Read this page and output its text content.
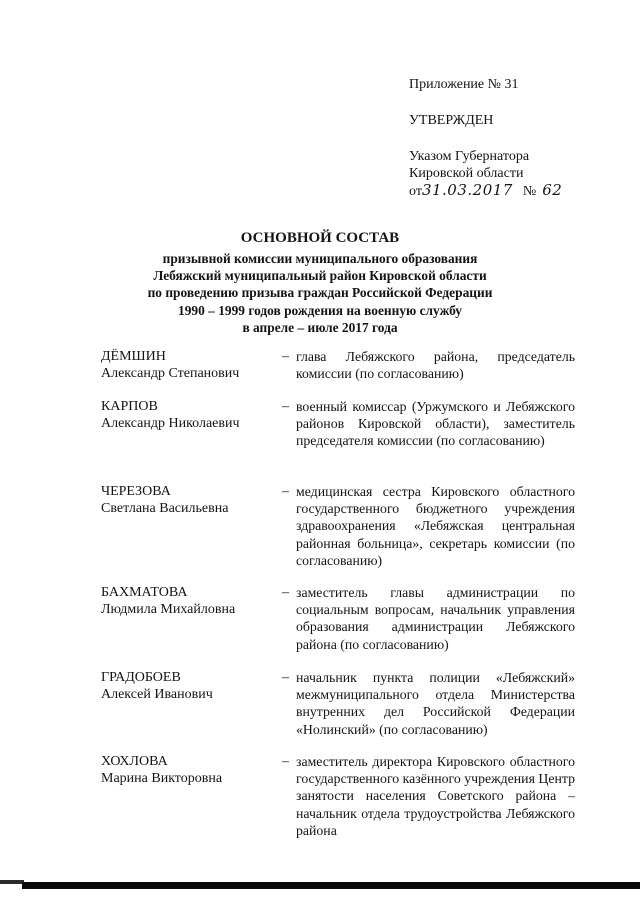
Приложение № 31
УТВЕРЖДЕН
Указом Губернатора
Кировской области
от31.03.2017 № 62
ОСНОВНОЙ СОСТАВ
призывной комиссии муниципального образования
Лебяжский муниципальный район Кировской области
по проведению призыва граждан Российской Федерации
1990 – 1999 годов рождения на военную службу
в апреле – июле 2017 года
ДЁМШИН
Александр Степанович
– глава Лебяжского района, председатель комиссии (по согласованию)
КАРПОВ
Александр Николаевич
– военный комиссар (Уржумского и Лебяжского районов Кировской области), заместитель председателя комиссии (по согласованию)
ЧЕРЕЗОВА
Светлана Васильевна
– медицинская сестра Кировского областного государственного бюджетного учреждения здравоохранения «Лебяжская центральная районная больница», секретарь комиссии (по согласованию)
БАХМАТОВА
Людмила Михайловна
– заместитель главы администрации по социальным вопросам, начальник управления образования администрации Лебяжского района (по согласованию)
ГРАДОБОЕВ
Алексей Иванович
– начальник пункта полиции «Лебяжский» межмуниципального отдела Министерства внутренних дел Российской Федерации «Нолинский» (по согласованию)
ХОХЛОВА
Марина Викторовна
– заместитель директора Кировского областного государственного казённого учреждения Центр занятости населения Советского района – начальник отдела трудоустройства Лебяжского района
